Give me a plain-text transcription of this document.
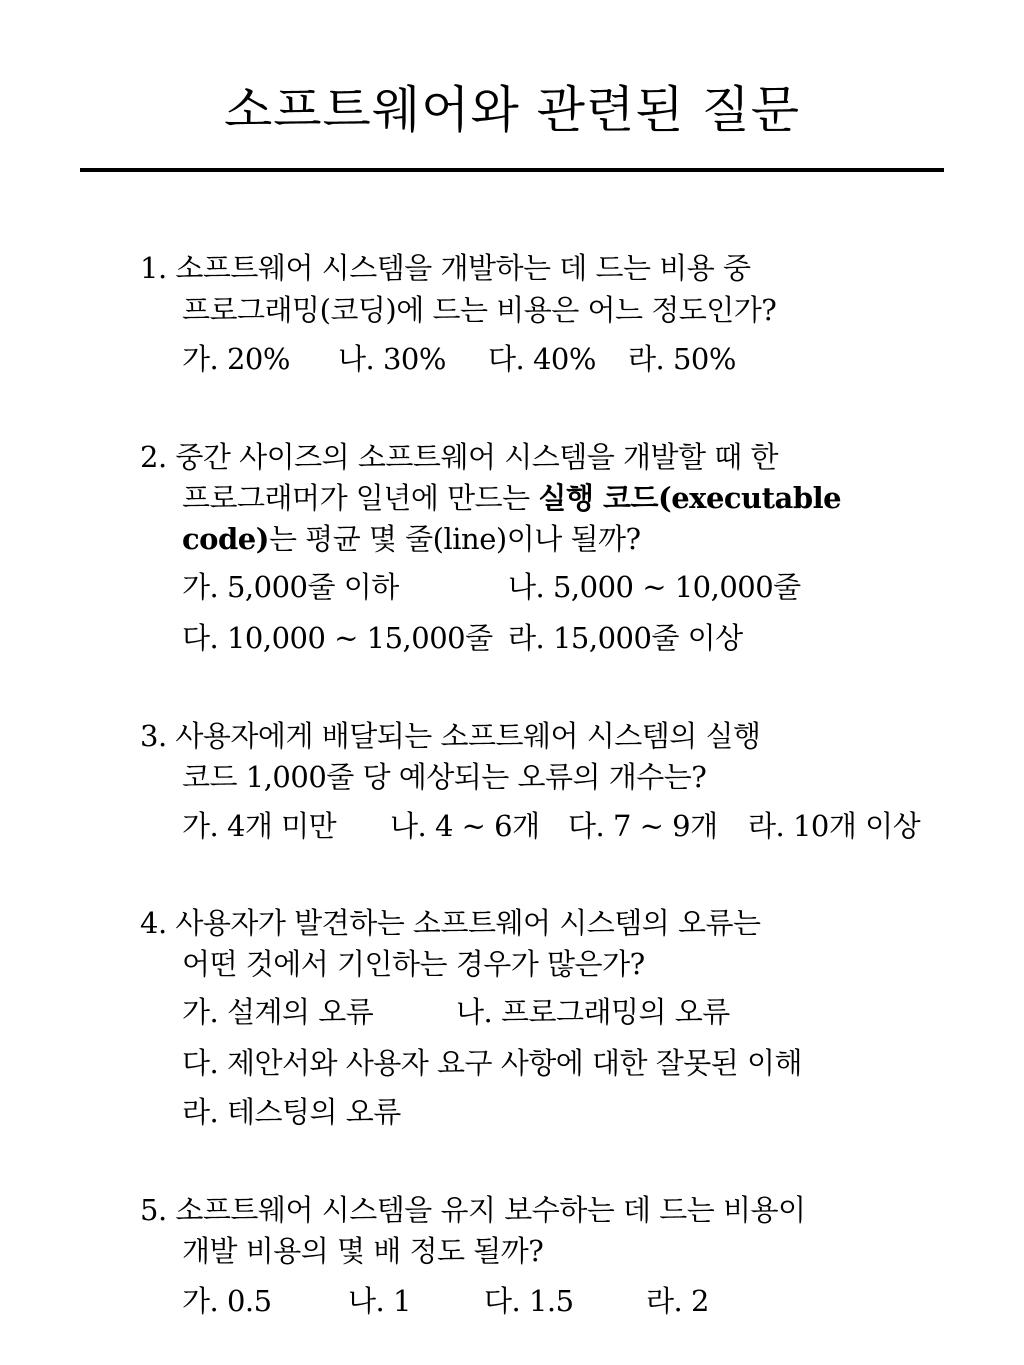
소프트웨어와 관련된 질문
1. 소프트웨어 시스템을 개발하는 데 드는 비용 중
프로그래밍(코딩)에 드는 비용은 어느 정도인가?
가. 20% 나. 30% 다. 40% 라. 50%
2. 중간 사이즈의 소프트웨어 시스템을 개발할 때 한
프로그래머가 일년에 만드는 실행 코드(executable
code)는 평균 몇 줄(line)이나 될까?
가. 5,000줄 이하	나. 5,000 ~ 10,000줄
다. 10,000 ~ 15,000줄 라. 15,000줄 이상
3. 사용자에게 배달되는 소프트웨어 시스템의 실행
코드 1,000줄 당 예상되는 오류의 개수는?
가. 4개 미만 나. 4 ~ 6개 다. 7 ~ 9개 라. 10개 이상
4. 사용자가 발견하는 소프트웨어 시스템의 오류는
어떤 것에서 기인하는 경우가 많은가?
가. 설계의 오류	나. 프로그래밍의 오류
다. 제안서와 사용자 요구 사항에 대한 잘못된 이해
라. 테스팅의 오류
5. 소프트웨어 시스템을 유지 보수하는 데 드는 비용이
개발 비용의 몇 배 정도 될까?
가. 0.5	나. 1	다. 1.5 라. 2
